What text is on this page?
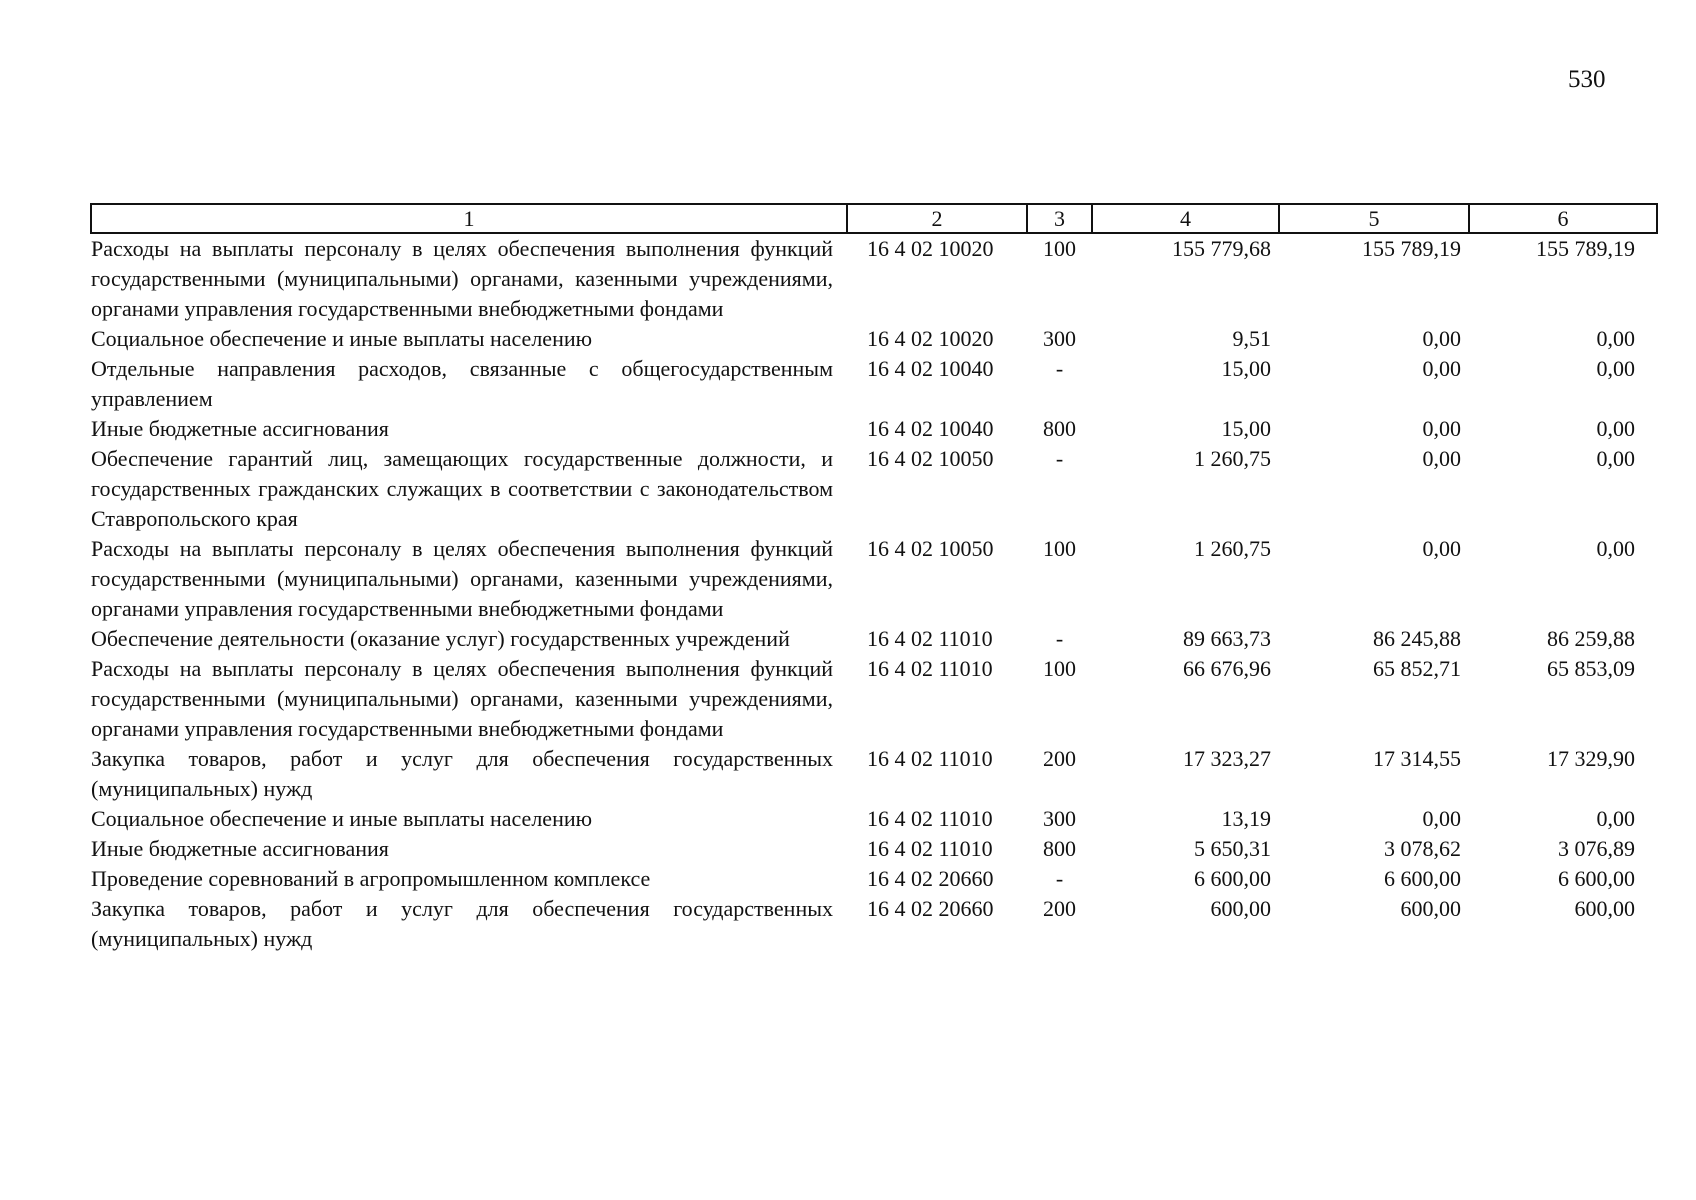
530
1	2	3	4	5	6
Расходы на выплаты персоналу в целях обеспечения выполнения функций государственными (муниципальными) органами, казенными учреждениями, органами управления государственными внебюджетными фондами	16 4 02 10020	100	155 779,68	155 789,19	155 789,19
Социальное обеспечение и иные выплаты населению	16 4 02 10020	300	9,51	0,00	0,00
Отдельные направления расходов, связанные с общегосударственным управлением	16 4 02 10040	-	15,00	0,00	0,00
Иные бюджетные ассигнования	16 4 02 10040	800	15,00	0,00	0,00
Обеспечение гарантий лиц, замещающих государственные должности, и государственных гражданских служащих в соответствии с законодательством Ставропольского края	16 4 02 10050	-	1 260,75	0,00	0,00
Расходы на выплаты персоналу в целях обеспечения выполнения функций государственными (муниципальными) органами, казенными учреждениями, органами управления государственными внебюджетными фондами	16 4 02 10050	100	1 260,75	0,00	0,00
Обеспечение деятельности (оказание услуг) государственных учреждений	16 4 02 11010	-	89 663,73	86 245,88	86 259,88
Расходы на выплаты персоналу в целях обеспечения выполнения функций государственными (муниципальными) органами, казенными учреждениями, органами управления государственными внебюджетными фондами	16 4 02 11010	100	66 676,96	65 852,71	65 853,09
Закупка товаров, работ и услуг для обеспечения государственных (муниципальных) нужд	16 4 02 11010	200	17 323,27	17 314,55	17 329,90
Социальное обеспечение и иные выплаты населению	16 4 02 11010	300	13,19	0,00	0,00
Иные бюджетные ассигнования	16 4 02 11010	800	5 650,31	3 078,62	3 076,89
Проведение соревнований в агропромышленном комплексе	16 4 02 20660	-	6 600,00	6 600,00	6 600,00
Закупка товаров, работ и услуг для обеспечения государственных (муниципальных) нужд	16 4 02 20660	200	600,00	600,00	600,00
